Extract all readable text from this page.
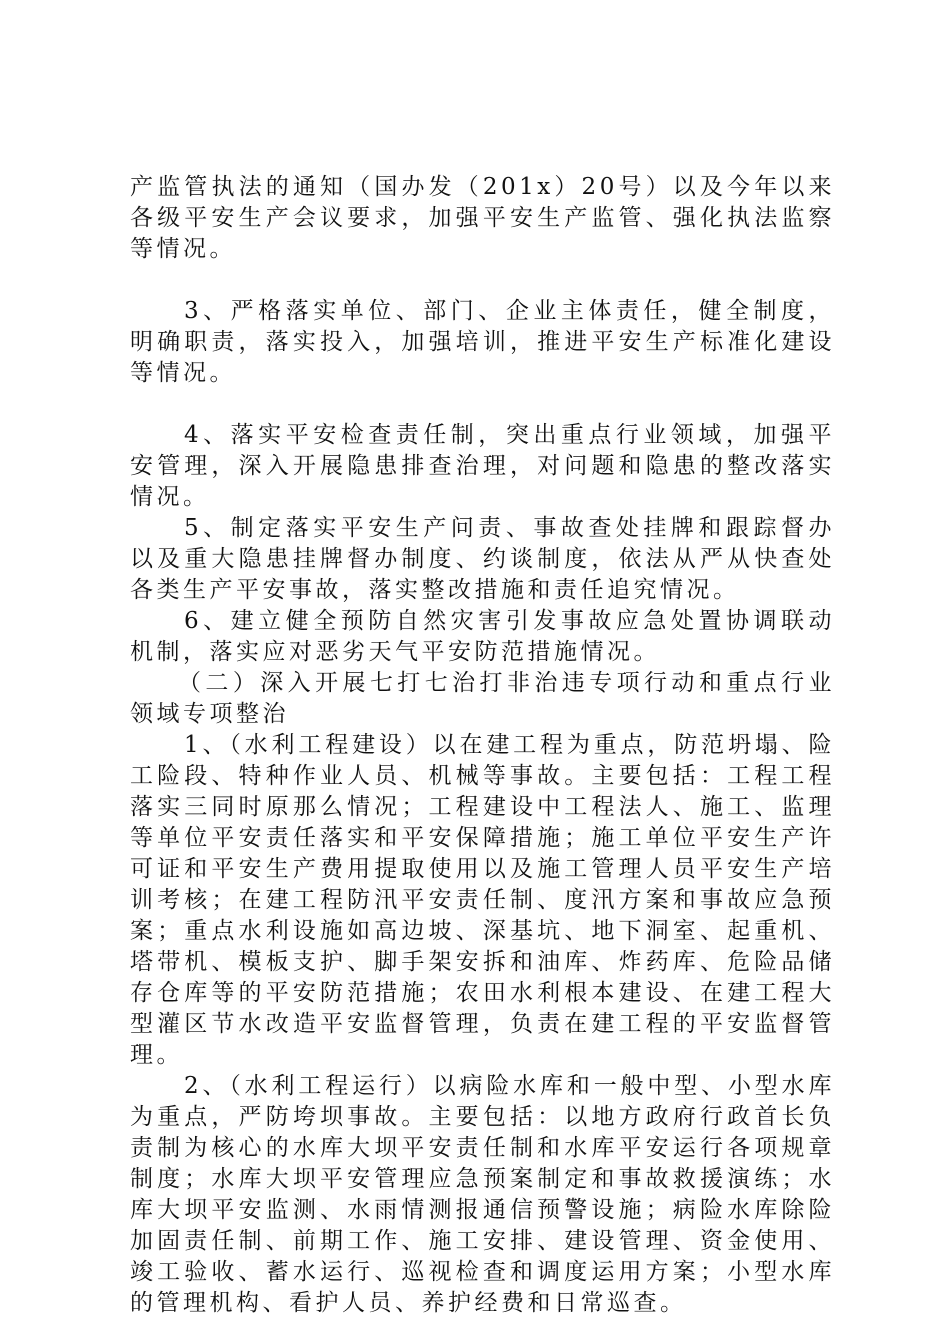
产监管执法的通知（国办发（201x）20号）以及今年以来各级平安生产会议要求，加强平安生产监管、强化执法监察等情况。

3、严格落实单位、部门、企业主体责任，健全制度，明确职责，落实投入，加强培训，推进平安生产标准化建设等情况。

4、落实平安检查责任制，突出重点行业领域，加强平安管理，深入开展隐患排查治理，对问题和隐患的整改落实情况。

5、制定落实平安生产问责、事故查处挂牌和跟踪督办以及重大隐患挂牌督办制度、约谈制度，依法从严从快查处各类生产平安事故，落实整改措施和责任追究情况。

6、建立健全预防自然灾害引发事故应急处置协调联动机制，落实应对恶劣天气平安防范措施情况。

（二）深入开展七打七治打非治违专项行动和重点行业领域专项整治

1、（水利工程建设）以在建工程为重点，防范坍塌、险工险段、特种作业人员、机械等事故。主要包括：工程工程落实三同时原那么情况；工程建设中工程法人、施工、监理等单位平安责任落实和平安保障措施；施工单位平安生产许可证和平安生产费用提取使用以及施工管理人员平安生产培训考核；在建工程防汛平安责任制、度汛方案和事故应急预案；重点水利设施如高边坡、深基坑、地下洞室、起重机、塔带机、模板支护、脚手架安拆和油库、炸药库、危险品储存仓库等的平安防范措施；农田水利根本建设、在建工程大型灌区节水改造平安监督管理，负责在建工程的平安监督管理。

2、（水利工程运行）以病险水库和一般中型、小型水库为重点，严防垮坝事故。主要包括：以地方政府行政首长负责制为核心的水库大坝平安责任制和水库平安运行各项规章制度；水库大坝平安管理应急预案制定和事故救援演练；水库大坝平安监测、水雨情测报通信预警设施；病险水库除险加固责任制、前期工作、施工安排、建设管理、资金使用、竣工验收、蓄水运行、巡视检查和调度运用方案；小型水库的管理机构、看护人员、养护经费和日常巡查。
